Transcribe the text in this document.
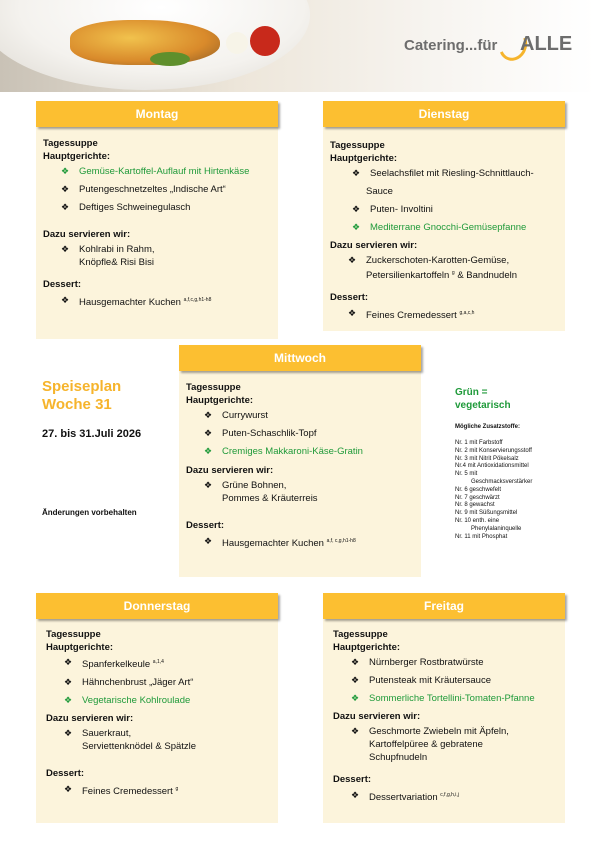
Catering...für ALLE
Montag
Tagessuppe
Hauptgerichte:
❖ Gemüse-Kartoffel-Auflauf mit Hirtenkäse
❖ Putengeschnetzeltes „Indische Art“
❖ Deftiges Schweinegulasch
Dazu servieren wir:
❖ Kohlrabi in Rahm,
Knöpfle& Risi Bisi
Dessert:
❖ Hausgemachter Kuchen $^{a,f,c,g,h1-h8}$
Dienstag
Tagessuppe
Hauptgerichte:
❖ Seelachsfilet mit Riesling-Schnittlauch-
Sauce
❖ Puten- Involtini
❖ Mediterrane Gnocchi-Gemüsepfanne
Dazu servieren wir:
❖ Zuckerschoten-Karotten-Gemüse,
Petersilienkartoffeln $^g$ & Bandnudeln
Dessert:
❖ Feines Cremedessert $^{g,a,c,h}$
Speiseplan
Woche 31
27. bis 31.Juli 2026
Änderungen vorbehalten
Mittwoch
Tagessuppe
Hauptgerichte:
❖ Currywurst
❖ Puten-Schaschlik-Topf
❖ Cremiges Makkaroni-Käse-Gratin
Dazu servieren wir:
❖ Grüne Bohnen,
Pommes & Kräuterreis
Dessert:
❖ Hausgemachter Kuchen $^{a,f, c,g,h1-h8}$
Grün =
vegetarisch
Mögliche Zusatzstoffe:
Nr. 1 mit Farbstoff
Nr. 2 mit Konservierungsstoff
Nr. 3 mit Nitrit Pökelsalz
Nr.4 mit Antioxidationsmittel
Nr. 5 mit
Geschmacksverstärker
Nr. 6 geschwefelt
Nr. 7 geschwärzt
Nr. 8 gewachst
Nr. 9 mit Süßungsmittel
Nr. 10 enth. eine
Phenylalaninquelle
Nr. 11 mit Phosphat
Donnerstag
Tagessuppe
Hauptgerichte:
❖ Spanferkelkeule $^{a,1,4}$
❖ Hähnchenbrust „Jäger Art“
❖ Vegetarische Kohlroulade
Dazu servieren wir:
❖ Sauerkraut,
Serviettenknödel & Spätzle
Dessert:
❖ Feines Cremedessert $^g$
Freitag
Tagessuppe
Hauptgerichte:
❖ Nürnberger Rostbratwürste
❖ Putensteak mit Kräutersauce
❖ Sommerliche Tortellini-Tomaten-Pfanne
Dazu servieren wir:
❖ Geschmorte Zwiebeln mit Äpfeln,
Kartoffelpüree & gebratene
Schupfnudeln
Dessert:
❖ Dessertvariation $^{c,f,g,h,i,j}$
